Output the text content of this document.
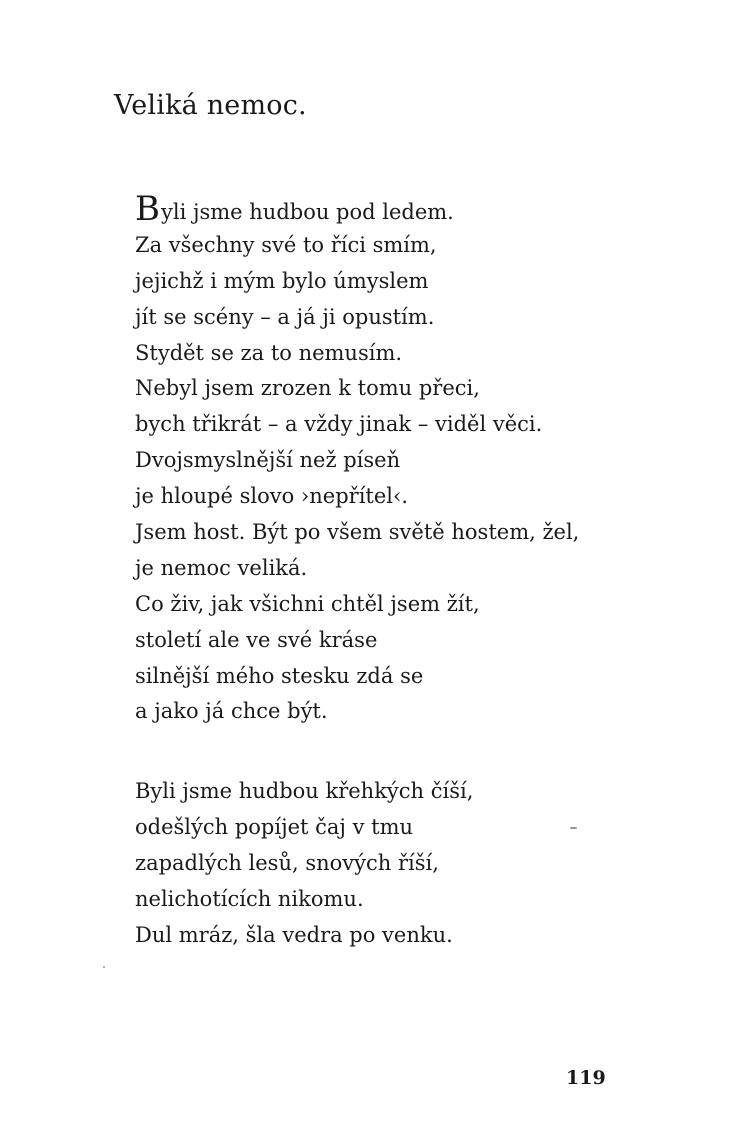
Veliká nemoc.
Byli jsme hudbou pod ledem.
Za všechny své to říci smím,
jejichž i mým bylo úmyslem
jít se scény – a já ji opustím.
Stydět se za to nemusím.
Nebyl jsem zrozen k tomu přeci,
bych třikrát – a vždy jinak – viděl věci.
Dvojsmyslnější než píseň
je hloupé slovo ›nepřítel‹.
Jsem host. Být po všem světě hostem, žel,
je nemoc veliká.
Co živ, jak všichni chtěl jsem žít,
století ale ve své kráse
silnější mého stesku zdá se
a jako já chce být.
Byli jsme hudbou křehkých číší,
odešlých popíjet čaj v tmu
zapadlých lesů, snových říší,
nelichotících nikomu.
Dul mráz, šla vedra po venku.
119
